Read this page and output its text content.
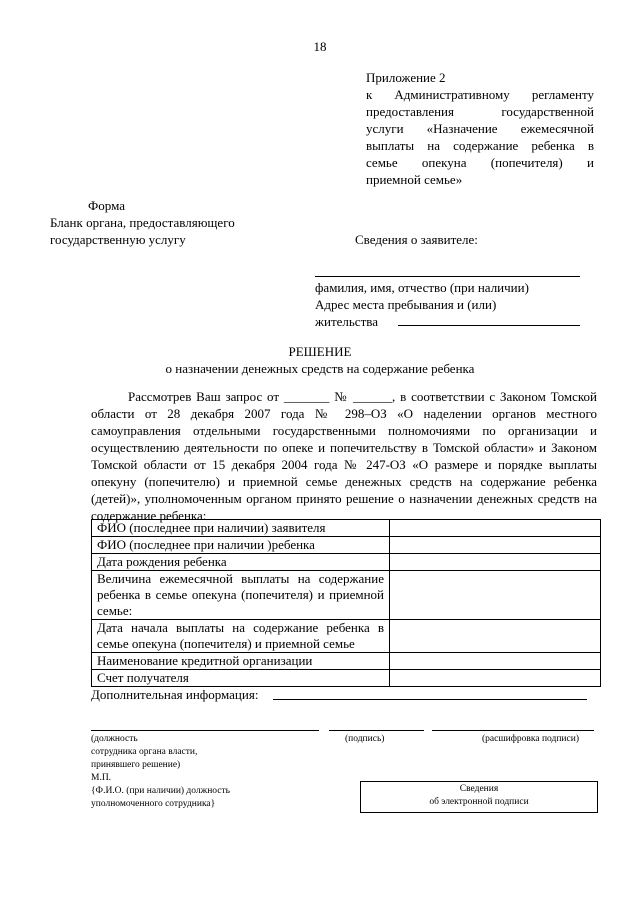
18
Приложение 2
к Административному регламенту
предоставления государственной
услуги «Назначение ежемесячной
выплаты на содержание ребенка в
семье опекуна (попечителя) и
приемной семье»
Форма
Бланк органа, предоставляющего
государственную услугу	Сведения о заявителе:
фамилия, имя, отчество (при наличии)
Адрес места пребывания и (или)
жительства
РЕШЕНИЕ
о назначении денежных средств на содержание ребенка
Рассмотрев Ваш запрос от _______ № ______, в соответствии с Законом Томской области от 28 декабря 2007 года № 298–ОЗ «О наделении органов местного самоуправления отдельными государственными полномочиями по организации и осуществлению деятельности по опеке и попечительству в Томской области» и Законом Томской области от 15 декабря 2004 года № 247-ОЗ «О размере и порядке выплаты опекуну (попечителю) и приемной семье денежных средств на содержание ребенка (детей)», уполномоченным органом принято решение о назначении денежных средств на содержание ребенка:
ФИО (последнее при наличии) заявителя	
ФИО (последнее при наличии )ребенка	
Дата рождения ребенка	
Величина ежемесячной выплаты на содержание ребенка в семье опекуна (попечителя) и приемной семье:	
Дата начала выплаты на содержание ребенка в семье опекуна (попечителя) и приемной семье	
Наименование кредитной организации	
Счет получателя	
Дополнительная информация:
(должность
сотрудника органа власти,
принявшего решение)
(подпись)	(расшифровка подписи)
М.П.
{Ф.И.О. (при наличии) должность
уполномоченного сотрудника}
Сведения
об электронной подписи
